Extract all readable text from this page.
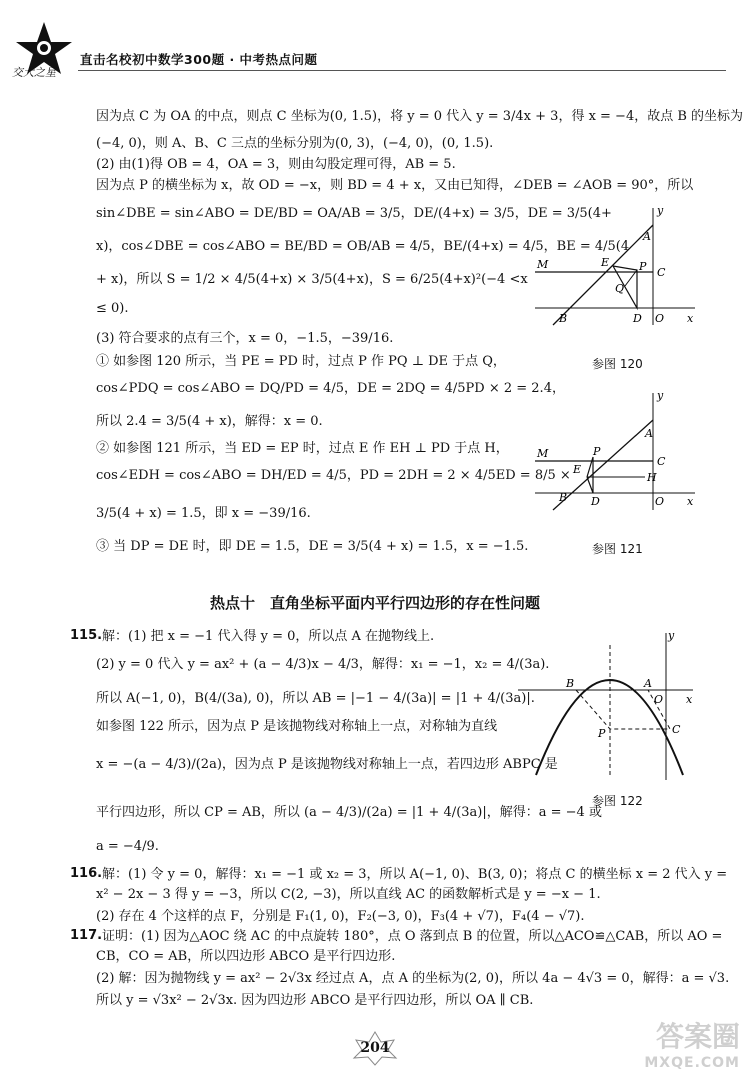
交大之星
直击名校初中数学300题 · 中考热点问题
因为点 C 为 OA 的中点，则点 C 坐标为(0, 1.5)，将 y = 0 代入 y = 3/4x + 3，得 x = −4，故点 B 的坐标为
(−4, 0)，则 A、B、C 三点的坐标分别为(0, 3)，(−4, 0)，(0, 1.5).
(2) 由(1)得 OB = 4，OA = 3，则由勾股定理可得，AB = 5.
因为点 P 的横坐标为 x，故 OD = −x，则 BD = 4 + x，又由已知得，∠DEB = ∠AOB = 90°，所以
sin∠DBE = sin∠ABO = DE/BD = OA/AB = 3/5，DE/(4+x) = 3/5，DE = 3/5(4+
x)，cos∠DBE = cos∠ABO = BE/BD = OB/AB = 4/5，BE/(4+x) = 4/5，BE = 4/5(4
+ x)，所以 S = 1/2 × 4/5(4+x) × 3/5(4+x)，S = 6/25(4+x)²(−4 <x
≤ 0).
(3) 符合要求的点有三个，x = 0，−1.5，−39/16.
① 如参图 120 所示，当 PE = PD 时，过点 P 作 PQ ⊥ DE 于点 Q，
cos∠PDQ = cos∠ABO = DQ/PD = 4/5，DE = 2DQ = 4/5PD × 2 = 2.4，
所以 2.4 = 3/5(4 + x)，解得：x = 0.
② 如参图 121 所示，当 ED = EP 时，过点 E 作 EH ⊥ PD 于点 H，
cos∠EDH = cos∠ABO = DH/ED = 4/5，PD = 2DH = 2 × 4/5ED = 8/5 ×
3/5(4 + x) = 1.5，即 x = −39/16.
③ 当 DP = DE 时，即 DE = 1.5，DE = 3/5(4 + x) = 1.5，x = −1.5.
y
A
M	E	P C
Q
B	D O x
参图 120
y
A
M	P
C
E
H
B D	O x
参图 121
热点十　直角坐标平面内平行四边形的存在性问题
115. 解：(1) 把 x = −1 代入得 y = 0，所以点 A 在抛物线上.
(2) y = 0 代入 y = ax² + (a − 4/3)x − 4/3，解得：x₁ = −1，x₂ = 4/(3a).
所以 A(−1, 0)，B(4/(3a), 0)，所以 AB = |−1 − 4/(3a)| = |1 + 4/(3a)|.
如参图 122 所示，因为点 P 是该抛物线对称轴上一点，对称轴为直线
x = −(a − 4/3)/(2a)，因为点 P 是该抛物线对称轴上一点，若四边形 ABPC 是
平行四边形，所以 CP = AB，所以 (a − 4/3)/(2a) = |1 + 4/(3a)|，解得：a = −4 或
a = −4/9.
y
B	A
O x
P	C
参图 122
116. 解：(1) 令 y = 0，解得：x₁ = −1 或 x₂ = 3，所以 A(−1, 0)、B(3, 0)；将点 C 的横坐标 x = 2 代入 y =
x² − 2x − 3 得 y = −3，所以 C(2, −3)，所以直线 AC 的函数解析式是 y = −x − 1.
(2) 存在 4 个这样的点 F，分别是 F₁(1, 0)，F₂(−3, 0)，F₃(4 + √7)，F₄(4 − √7).
117. 证明：(1) 因为△AOC 绕 AC 的中点旋转 180°，点 O 落到点 B 的位置，所以△ACO≌△CAB，所以 AO =
CB，CO = AB，所以四边形 ABCO 是平行四边形.
(2) 解：因为抛物线 y = ax² − 2√3x 经过点 A，点 A 的坐标为(2, 0)，所以 4a − 4√3 = 0，解得：a = √3.
所以 y = √3x² − 2√3x. 因为四边形 ABCO 是平行四边形，所以 OA ∥ CB.
204	答案圈
MXQE.COM
